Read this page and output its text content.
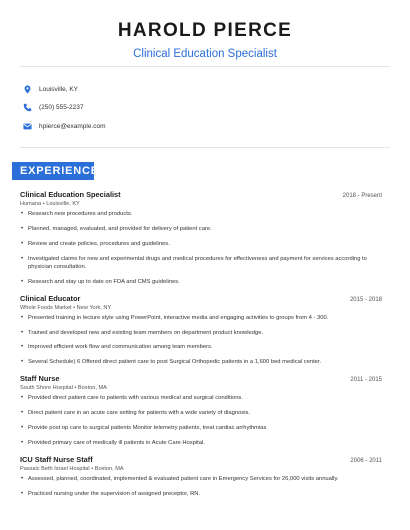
HAROLD PIERCE
Clinical Education Specialist
Louisville, KY
(250) 555-2237
hpierce@example.com
EXPERIENCE
Clinical Education Specialist	2018 - Present
Humana • Louisville, KY
• Research new procedures and products.
• Planned, managed, evaluated, and provided for delivery of patient care.
• Review and create policies, procedures and guidelines.
• Investigated claims for new and experimental drugs and medical procedures for effectiveness and payment for services according to physician consultation.
• Research and stay up to date on FDA and CMS guidelines.
Clinical Educator	2015 - 2018
Whole Foods Market • New York, NY
• Presented training in lecture style using PowerPoint, interactive media and engaging activities to groups from 4 - 300.
• Trained and developed new and existing team members on department product knowledge.
• Improved efficient work flow and communication among team members.
• Several Schedule) 6 Offered direct patient care to post Surgical Orthopedic patients in a 1,600 bed medical center.
Staff Nurse	2011 - 2015
South Shore Hospital • Boston, MA
• Provided direct patient care to patients with various medical and surgical conditions.
• Direct patient care in an acute care setting for patients with a wide variety of diagnosis.
• Provide post op care to surgical patients Monitor telemetry patients, treat cardiac arrhythmias
• Provided primary care of medically ill patients in Acute Care Hospital.
ICU Staff Nurse Staff	2006 - 2011
Passaic Beth Israel Hospital • Boston, MA
• Assessed, planned, coordinated, implemented & evaluated patient care in Emergency Services for 26,000 visits annually.
• Practiced nursing under the supervision of assigned preceptor, RN.
